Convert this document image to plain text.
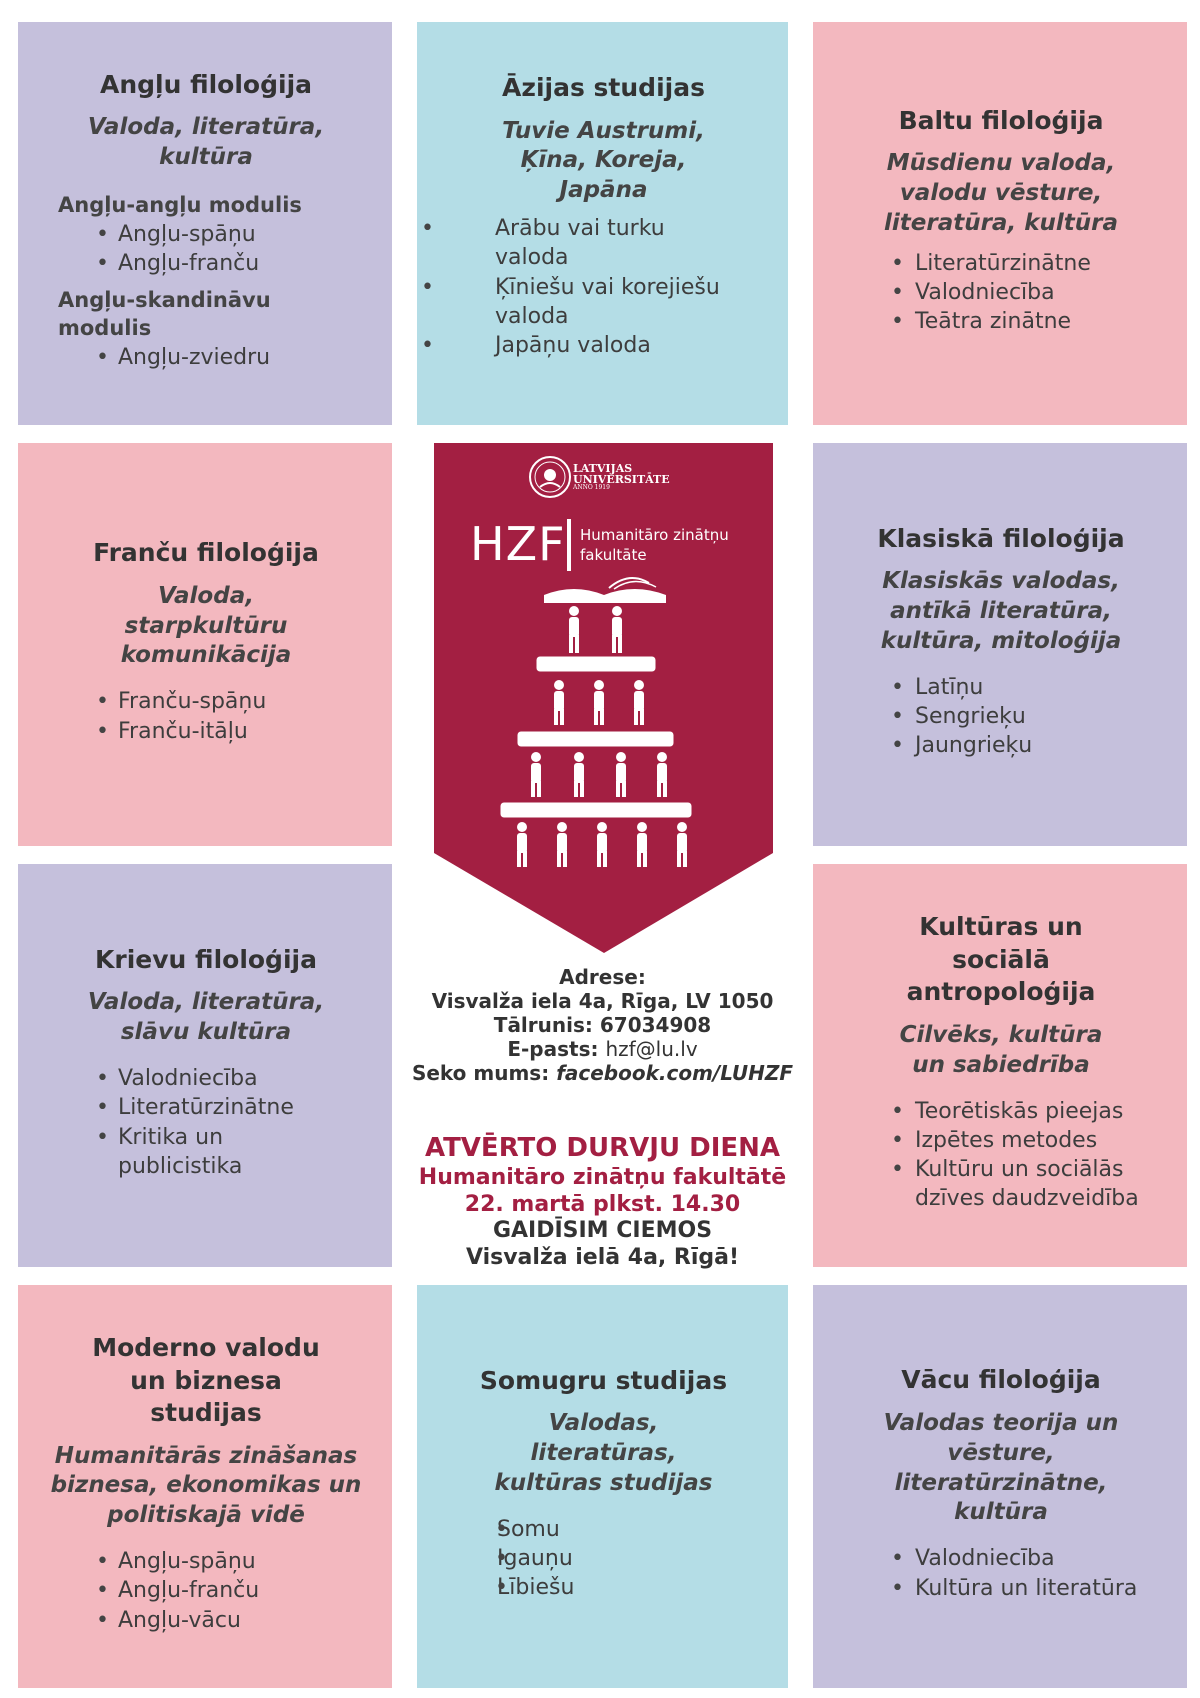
Angļu filoloģija
Valoda, literatūra, kultūra
Angļu-angļu modulis
• Angļu-spāņu
• Angļu-franču
Angļu-skandināvu modulis
• Angļu-zviedru
Āzijas studijas
Tuvie Austrumi, Ķīna, Koreja, Japāna
• Arābu vai turku valoda
• Ķīniešu vai korejiešu valoda
• Japāņu valoda
Baltu filoloģija
Mūsdienu valoda, valodu vēsture, literatūra, kultūra
• Literatūrzinātne
• Valodniecība
• Teātra zinātne
Franču filoloģija
Valoda, starpkultūru komunikācija
• Franču-spāņu
• Franču-itāļu
LATVIJAS
UNIVERSITĀTE
ANNO 1919
HZF Humanitāro zinātņu
fakultāte
Adrese:
Visvalža iela 4a, Rīga, LV 1050
Tālrunis: 67034908
E-pasts: hzf@lu.lv
Seko mums: facebook.com/LUHZF
ATVĒRTO DURVJU DIENA
Humanitāro zinātņu fakultātē
22. martā plkst. 14.30
GAIDĪSIM CIEMOS
Visvalža ielā 4a, Rīgā!
Klasiskā filoloģija
Klasiskās valodas, antīkā literatūra, kultūra, mitoloģija
• Latīņu
• Sengrieķu
• Jaungrieķu
Krievu filoloģija
Valoda, literatūra, slāvu kultūra
• Valodniecība
• Literatūrzinātne
• Kritika un publicistika
Kultūras un sociālā antropoloģija
Cilvēks, kultūra un sabiedrība
• Teorētiskās pieejas
• Izpētes metodes
• Kultūru un sociālās dzīves daudzveidība
Moderno valodu un biznesa studijas
Humanitārās zināšanas biznesa, ekonomikas un politiskajā vidē
• Angļu-spāņu
• Angļu-franču
• Angļu-vācu
Somugru studijas
Valodas, literatūras, kultūras studijas
• Somu
• Igauņu
• Lībiešu
Vācu filoloģija
Valodas teorija un vēsture, literatūrzinātne, kultūra
• Valodniecība
• Kultūra un literatūra
